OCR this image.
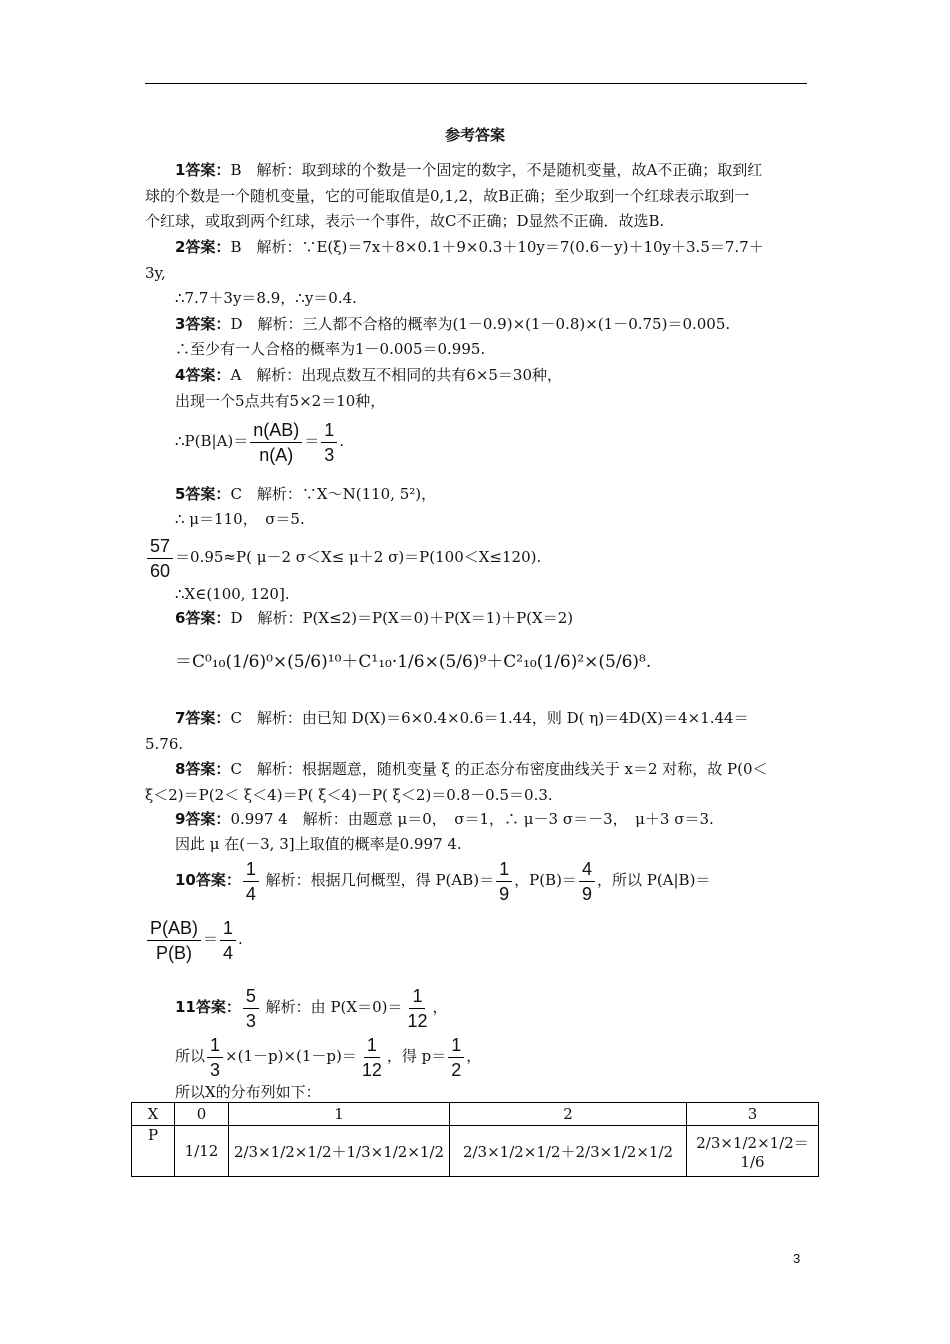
参考答案
1答案：B　解析：取到球的个数是一个固定的数字，不是随机变量，故A不正确；取到红
球的个数是一个随机变量，它的可能取值是0,1,2，故B正确；至少取到一个红球表示取到一
个红球，或取到两个红球，表示一个事件，故C不正确；D显然不正确．故选B.
2答案：B　解析：∵E(ξ)＝7x＋8×0.1＋9×0.3＋10y＝7(0.6－y)＋10y＋3.5＝7.7＋
3y,
∴7.7＋3y＝8.9，∴y＝0.4.
3答案：D　解析：三人都不合格的概率为(1－0.9)×(1－0.8)×(1－0.75)＝0.005.
∴至少有一人合格的概率为1－0.005＝0.995.
4答案：A　解析：出现点数互不相同的共有6×5＝30种，
出现一个5点共有5×2＝10种，
∴P(B|A)＝ $\frac{n(AB)}{n(A)} = \frac{1}{3}$ .
5答案：C　解析：∵X～N(110, 5²)，
∴ μ＝110，　σ＝5.
$\frac{57}{60} =0.95\approx P$( μ－2 σ＜X≤ μ＋2 σ)＝P(100＜X≤120).
∴X∈(100, 120].
6答案：D　解析：P(X≤2)＝P(X＝0)＋P(X＝1)＋P(X＝2)
＝C⁰₁₀(1/6)⁰×(5/6)¹⁰＋C¹₁₀·1/6×(5/6)⁹＋C²₁₀(1/6)²×(5/6)⁸.
7答案：C　解析：由已知 D(X)＝6×0.4×0.6＝1.44，则 D( η)＝4D(X)＝4×1.44＝
5.76.
8答案：C　解析：根据题意，随机变量 ξ 的正态分布密度曲线关于 x＝2 对称，故 P(0＜
ξ＜2)＝P(2＜ ξ＜4)＝P( ξ＜4)－P( ξ＜2)＝0.8－0.5＝0.3.
9答案：0.997 4　解析：由题意 μ＝0，　σ＝1，∴ μ－3 σ＝－3，　μ＋3 σ＝3.
因此 μ 在(－3, 3]上取值的概率是0.997 4.
10答案： $\frac{1}{4}$ 解析：根据几何概型，得 $P(AB)= \frac{1}{9}$ ，$P(B)= \frac{4}{9}$ ，所以 P(A|B)＝
$\frac{P(AB)}{P(B)} = \frac{1}{4}$ .
11答案： $\frac{5}{3}$ 解析：由 $P(X=0)= \frac{1}{12}$ ，
所以 $\frac{1}{3} \times(1-p)\times(1-p)= \frac{1}{12}$ ，得 $p= \frac{1}{2}$ ，
所以X的分布列如下：
X	0	1	2	3
P	1/12	2/3×1/2×1/2＋1/3×1/2×1/2	2/3×1/2×1/2＋2/3×1/2×1/2	2/3×1/2×1/2＝1/6
3
